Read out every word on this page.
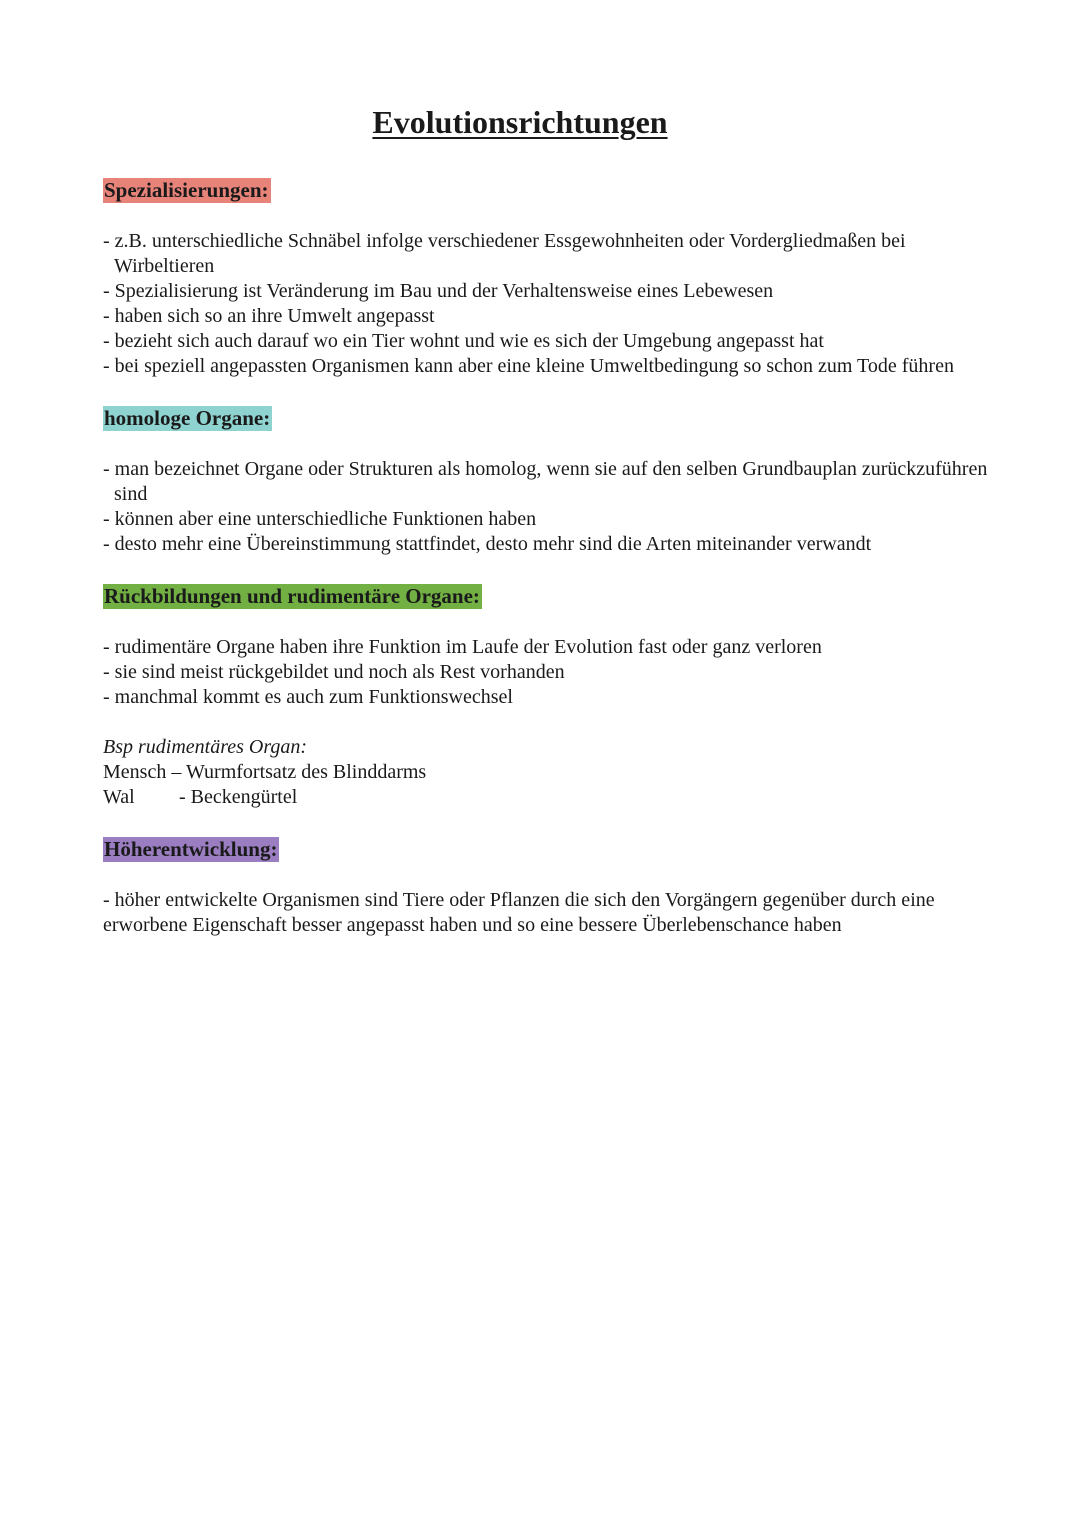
Evolutionsrichtungen
Spezialisierungen:

- z.B. unterschiedliche Schnäbel infolge verschiedener Essgewohnheiten oder Vordergliedmaßen bei Wirbeltieren

- Spezialisierung ist Veränderung im Bau und der Verhaltensweise eines Lebewesen

- haben sich so an ihre Umwelt angepasst

- bezieht sich auch darauf wo ein Tier wohnt und wie es sich der Umgebung angepasst hat

- bei speziell angepassten Organismen kann aber eine kleine Umweltbedingung so schon zum Tode führen

homologe Organe:

- man bezeichnet Organe oder Strukturen als homolog, wenn sie auf den selben Grundbauplan zurückzuführen sind

- können aber eine unterschiedliche Funktionen haben

- desto mehr eine Übereinstimmung stattfindet, desto mehr sind die Arten miteinander verwandt

Rückbildungen und rudimentäre Organe:

- rudimentäre Organe haben ihre Funktion im Laufe der Evolution fast oder ganz verloren

- sie sind meist rückgebildet und noch als Rest vorhanden

- manchmal kommt es auch zum Funktionswechsel

Bsp rudimentäres Organ:

Mensch – Wurmfortsatz des Blinddarms

Wal	- Beckengürtel
Höherentwicklung:

- höher entwickelte Organismen sind Tiere oder Pflanzen die sich den Vorgängern gegenüber durch eine erworbene Eigenschaft besser angepasst haben und so eine bessere Überlebenschance haben
